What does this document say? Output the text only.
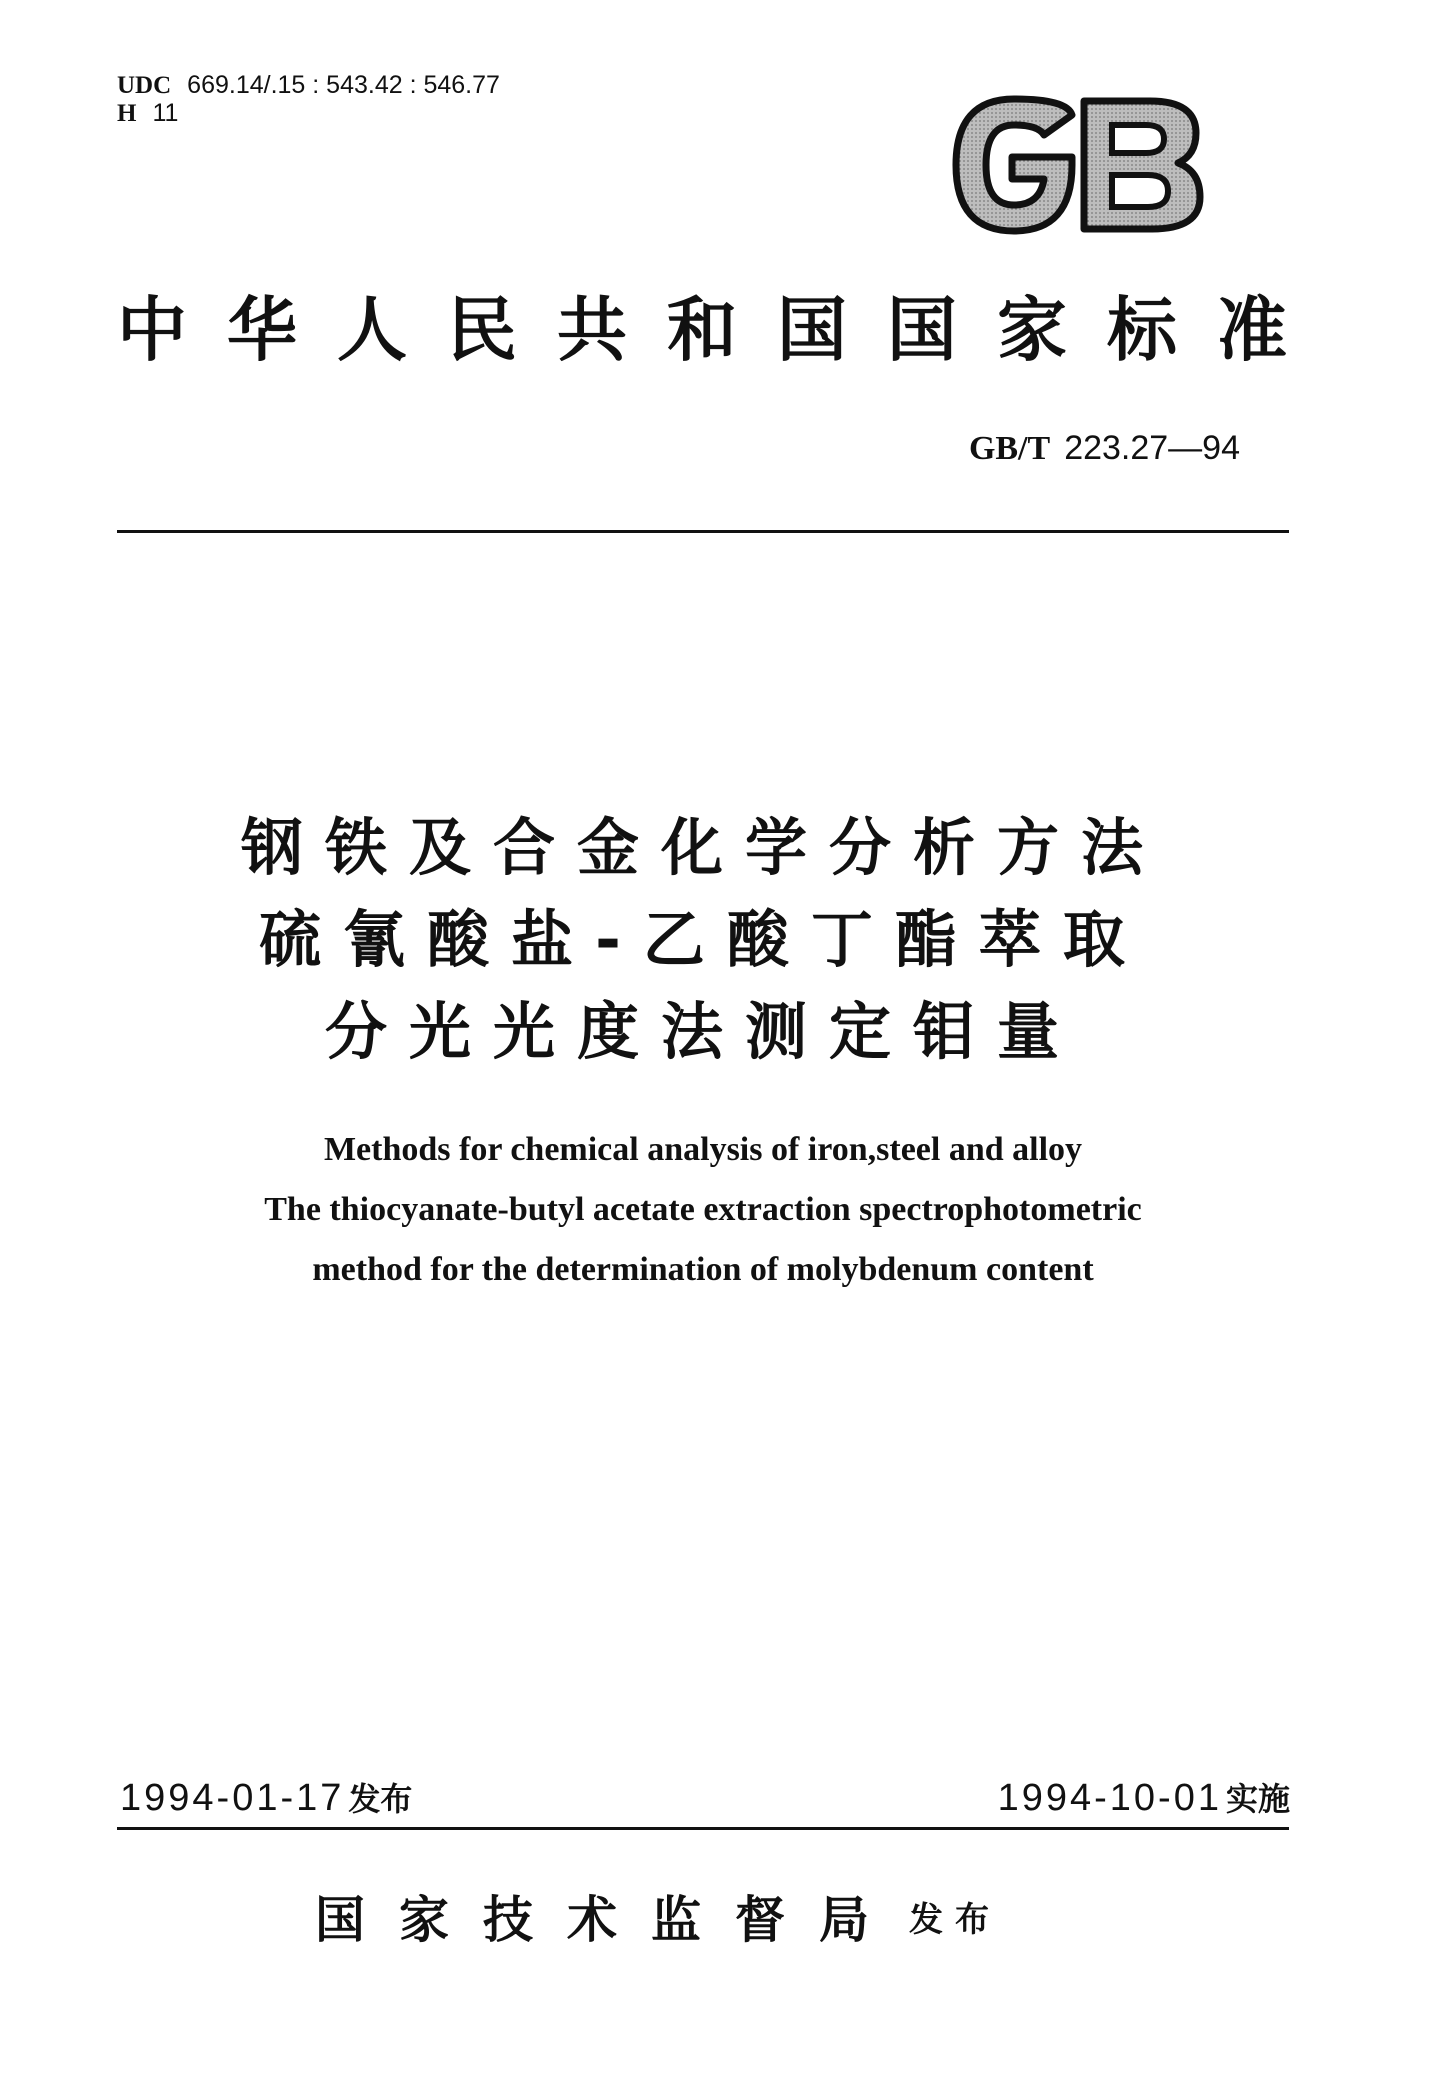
UDC 669.14/.15 : 543.42 : 546.77
H 11
中华人民共和国国家标准
GB/T 223.27—94
钢铁及合金化学分析方法
硫氰酸盐-乙酸丁酯萃取
分光光度法测定钼量
Methods for chemical analysis of iron,steel and alloy
The thiocyanate-butyl acetate extraction spectrophotometric
method for the determination of molybdenum content
1994-01-17 发布	1994-10-01 实施
国家技术监督局 发布
